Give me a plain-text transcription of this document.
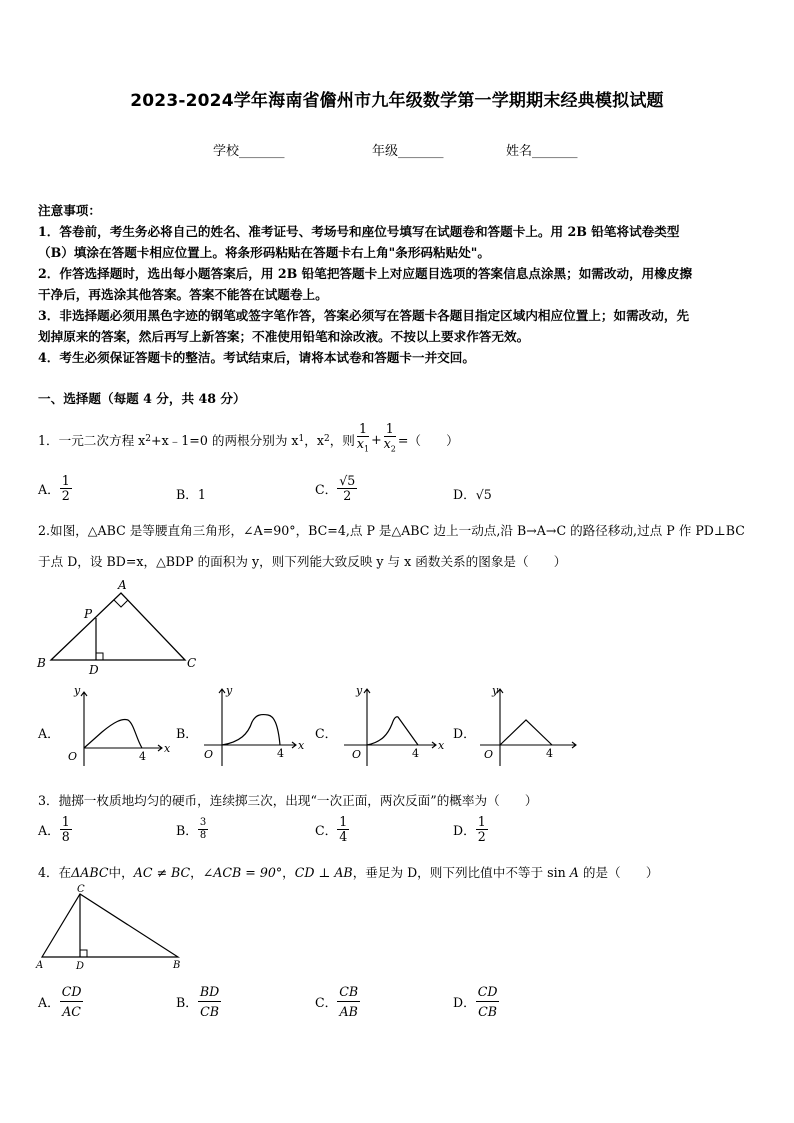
2023-2024学年海南省儋州市九年级数学第一学期期末经典模拟试题
学校_______	年级_______	姓名_______
注意事项：
1．答卷前，考生务必将自己的姓名、准考证号、考场号和座位号填写在试题卷和答题卡上。用 2B 铅笔将试卷类型
（B）填涂在答题卡相应位置上。将条形码粘贴在答题卡右上角"条形码粘贴处"。
2．作答选择题时，选出每小题答案后，用 2B 铅笔把答题卡上对应题目选项的答案信息点涂黑；如需改动，用橡皮擦
干净后，再选涂其他答案。答案不能答在试题卷上。
3．非选择题必须用黑色字迹的钢笔或签字笔作答，答案必须写在答题卡各题目指定区域内相应位置上；如需改动，先
划掉原来的答案，然后再写上新答案；不准使用铅笔和涂改液。不按以上要求作答无效。
4．考生必须保证答题卡的整洁。考试结束后，请将本试卷和答题卡一并交回。
一、选择题（每题 4 分，共 48 分）
1．一元二次方程 x 2 +x﹣1=0 的两根分别为 x 1 ，x 2 ，则 $\frac{1}{x_1} + \frac{1}{x_2}$ =（　　）
A． $\frac{1}{2}$	B．1	C． $\frac{√5}{2}$	D．√5
2.如图，△ABC 是等腰直角三角形，∠A=90°，BC=4,点 P 是△ABC 边上一动点,沿 B→A→C 的路径移动,过点 P 作 PD⊥BC
于点 D，设 BD=x，△BDP 的面积为 y，则下列能大致反映 y 与 x 函数关系的图象是（　　）
A
P
B	D	C
A．
y
x
O	4
B．
y
x
O	4
C．
y
x
O	4
D．
y
O	4
3．抛掷一枚质地均匀的硬币，连续掷三次，出现“一次正面，两次反面”的概率为（　　）
A． $\frac{1}{8}$	B． $\frac{3}{8}$	C． $\frac{1}{4}$	D． $\frac{1}{2}$
4．在ΔABC中，AC ≠ BC，∠ACB = 90°，CD ⊥ AB，垂足为 D，则下列比值中不等于 sin A 的是（　　）
C
A	D	B
A． $\frac{CD}{AC}$	B． $\frac{BD}{CB}$	C． $\frac{CB}{AB}$	D． $\frac{CD}{CB}$
